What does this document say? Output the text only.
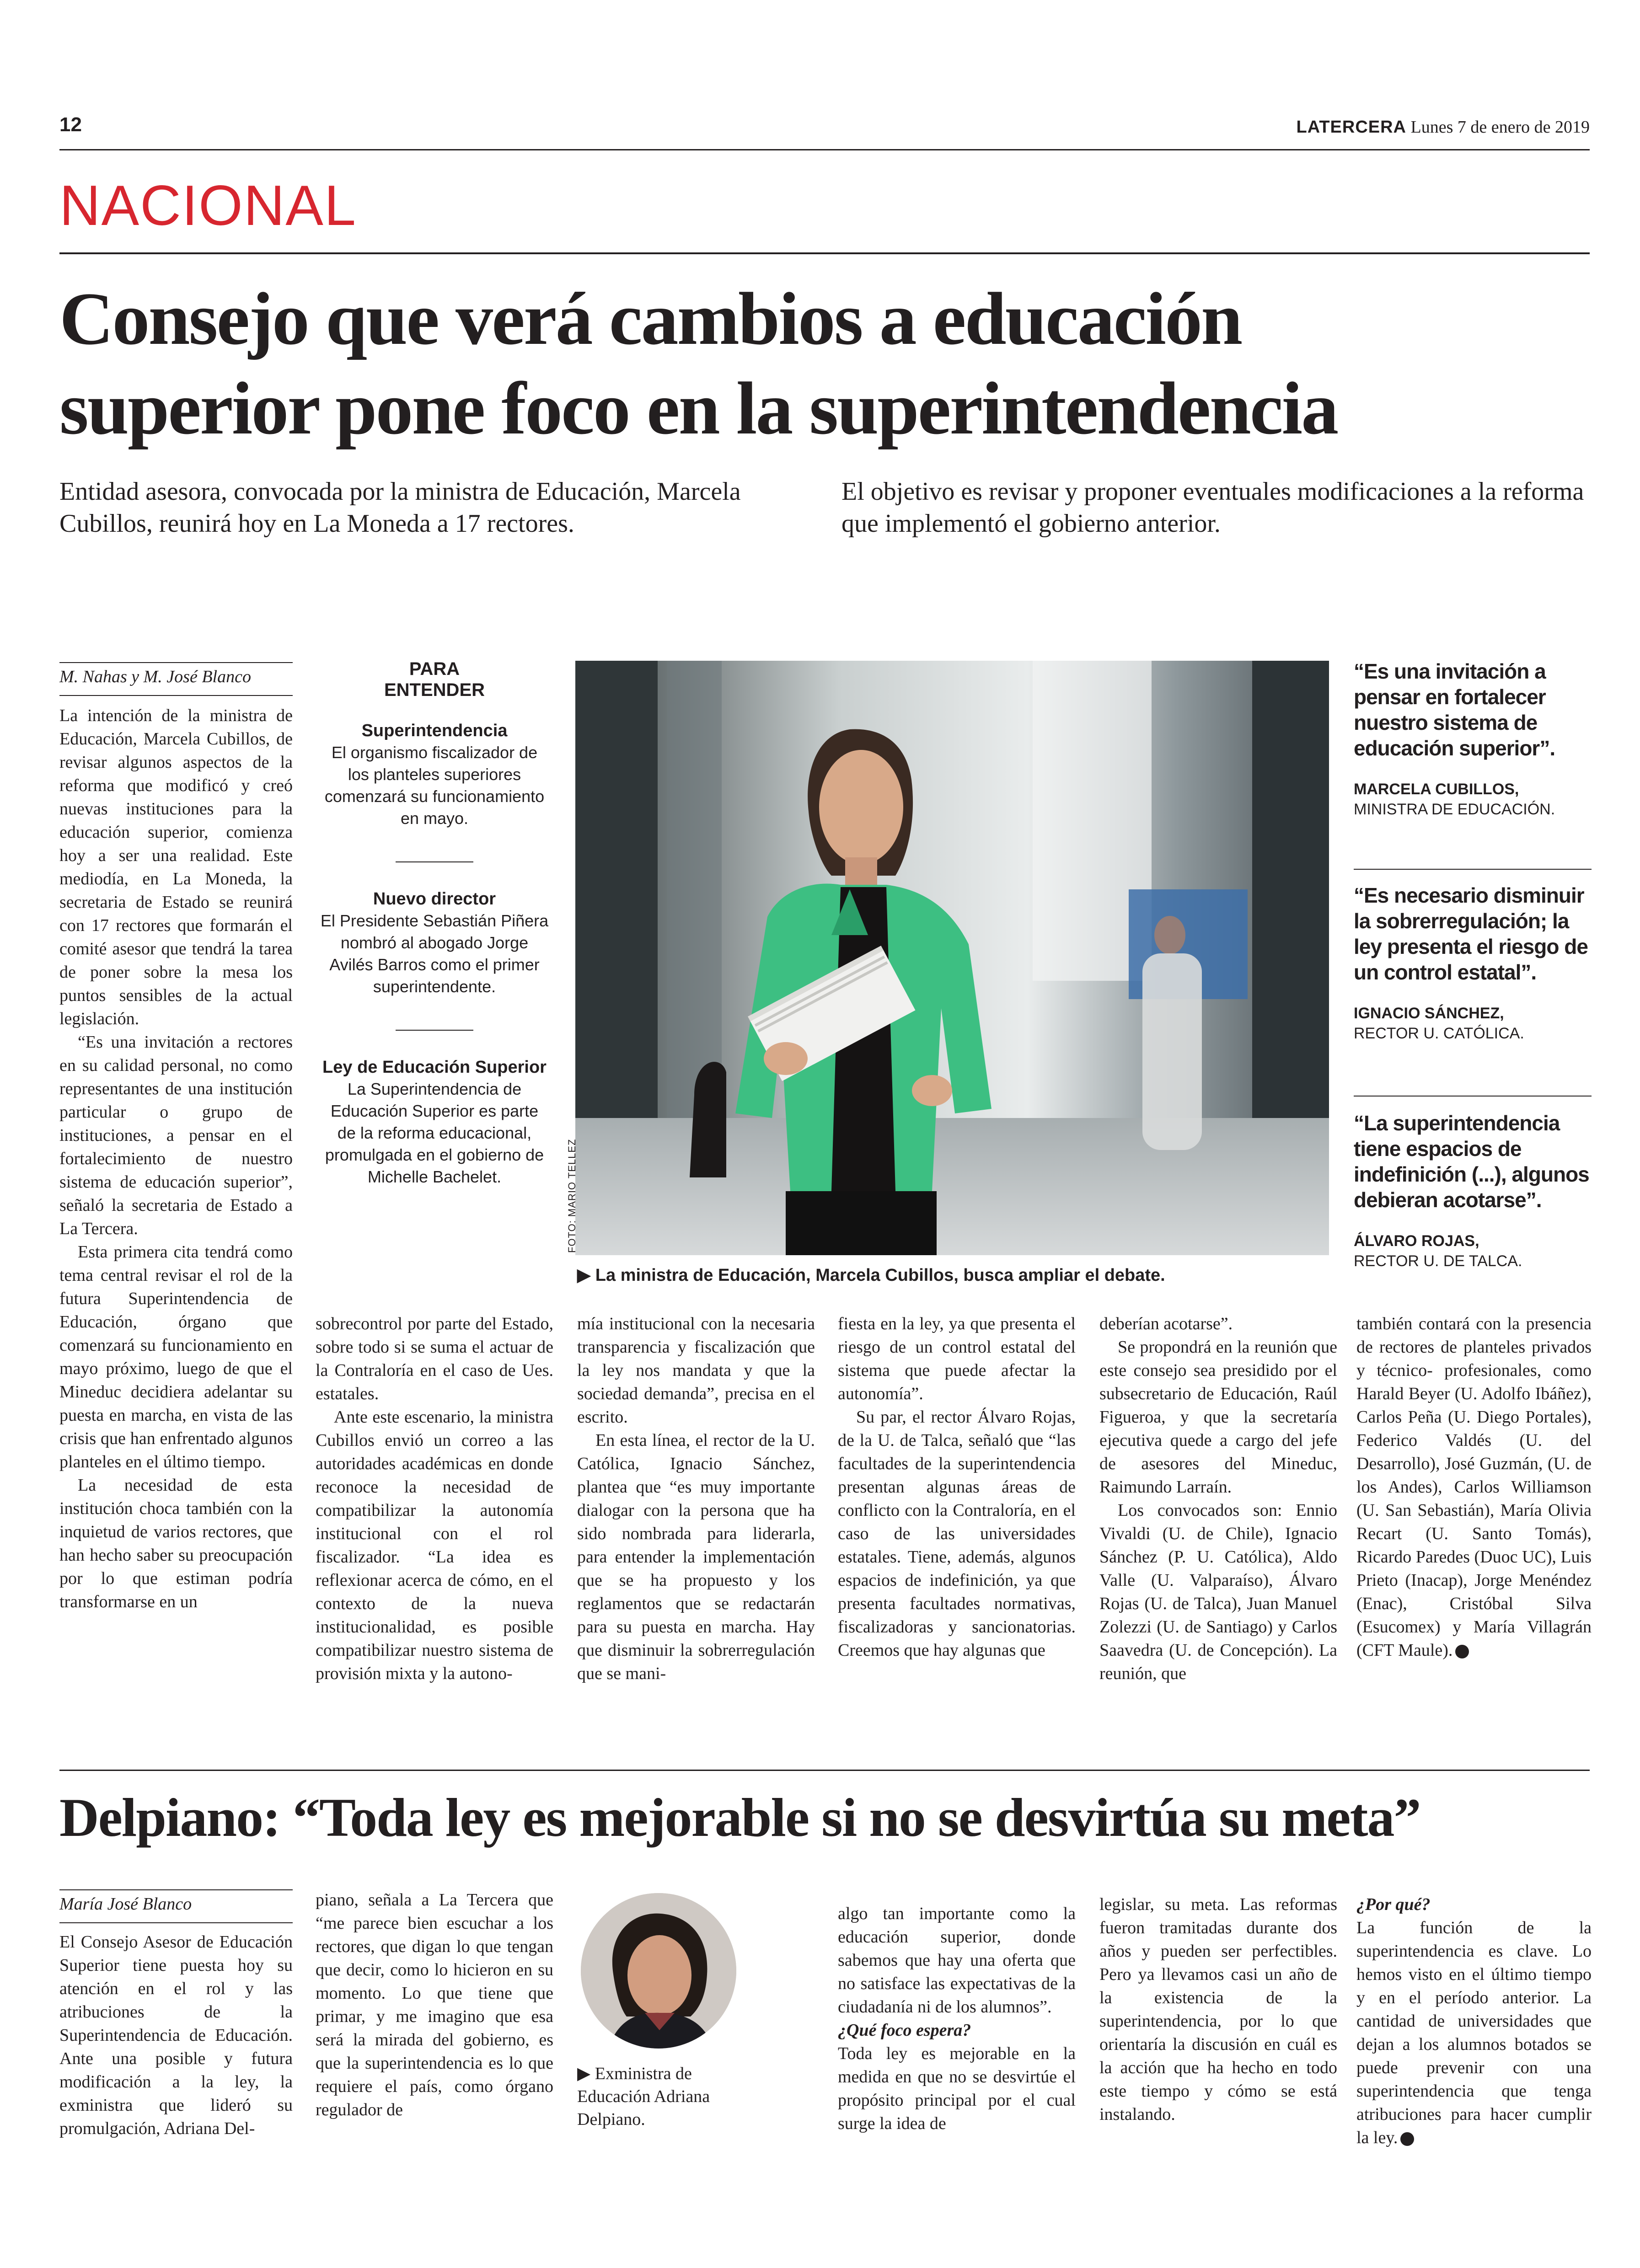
12	LATERCERA Lunes 7 de enero de 2019
NACIONAL
Consejo que verá cambios a educación
superior pone foco en la superintendencia
Entidad asesora, convocada por la ministra de Educación, Marcela Cubillos, reunirá hoy en La Moneda a 17 rectores.
El objetivo es revisar y proponer eventuales modificaciones a la reforma que implementó el gobierno anterior.
M. Nahas y M. José Blanco

La intención de la ministra de Educación, Marcela Cubillos, de revisar algunos aspectos de la reforma que modificó y creó nuevas instituciones para la educación superior, comienza hoy a ser una realidad. Este mediodía, en La Moneda, la secretaria de Estado se reunirá con 17 rectores que formarán el comité asesor que tendrá la tarea de poner sobre la mesa los puntos sensibles de la actual legislación.

“Es una invitación a rectores en su calidad personal, no como representantes de una institución particular o grupo de instituciones, a pensar en el fortalecimiento de nuestro sistema de educación superior”, señaló la secretaria de Estado a La Tercera.

Esta primera cita tendrá como tema central revisar el rol de la futura Superintendencia de Educación, órgano que comenzará su funcionamiento en mayo próximo, luego de que el Mineduc decidiera adelantar su puesta en marcha, en vista de las crisis que han enfrentado algunos planteles en el último tiempo.

La necesidad de esta institución choca también con la inquietud de varios rectores, que han hecho saber su preocupación por lo que estiman podría transformarse en un

PARA
ENTENDER
Superintendencia
El organismo fiscalizador de los planteles superiores comenzará su funcionamiento en mayo.
Nuevo director
El Presidente Sebastián Piñera nombró al abogado Jorge Avilés Barros como el primer superintendente.
Ley de Educación Superior
La Superintendencia de Educación Superior es parte de la reforma educacional, promulgada en el gobierno de Michelle Bachelet.	FOTO: MARIO TELLEZ
▶ La ministra de Educación, Marcela Cubillos, busca ampliar el debate.
“Es una invitación a pensar en fortalecer nuestro sistema de educación superior”.
MARCELA CUBILLOS,
MINISTRA DE EDUCACIÓN.
“Es necesario disminuir la sobrerregulación; la ley presenta el riesgo de un control estatal”.
IGNACIO SÁNCHEZ,
RECTOR U. CATÓLICA.
“La superintendencia tiene espacios de indefinición (...), algunos debieran acotarse”.
ÁLVARO ROJAS,
RECTOR U. DE TALCA.

sobrecontrol por parte del Estado, sobre todo si se suma el actuar de la Contraloría en el caso de Ues. estatales.

Ante este escenario, la ministra Cubillos envió un correo a las autoridades académicas en donde reconoce la necesidad de compatibilizar la autonomía institucional con el rol fiscalizador. “La idea es reflexionar acerca de cómo, en el contexto de la nueva institucionalidad, es posible compatibilizar nuestro sistema de provisión mixta y la autono-

mía institucional con la necesaria transparencia y fiscalización que la ley nos mandata y que la sociedad demanda”, precisa en el escrito.

En esta línea, el rector de la U. Católica, Ignacio Sánchez, plantea que “es muy importante dialogar con la persona que ha sido nombrada para liderarla, para entender la implementación que se ha propuesto y los reglamentos que se redactarán para su puesta en marcha. Hay que disminuir la sobrerregulación que se mani-

fiesta en la ley, ya que presenta el riesgo de un control estatal del sistema que puede afectar la autonomía”.

Su par, el rector Álvaro Rojas, de la U. de Talca, señaló que “las facultades de la superintendencia presentan algunas áreas de conflicto con la Contraloría, en el caso de las universidades estatales. Tiene, además, algunos espacios de indefinición, ya que presenta facultades normativas, fiscalizadoras y sancionatorias. Creemos que hay algunas que

deberían acotarse”.

Se propondrá en la reunión que este consejo sea presidido por el subsecretario de Educación, Raúl Figueroa, y que la secretaría ejecutiva quede a cargo del jefe de asesores del Mineduc, Raimundo Larraín.

Los convocados son: Ennio Vivaldi (U. de Chile), Ignacio Sánchez (P. U. Católica), Aldo Valle (U. Valparaíso), Álvaro Rojas (U. de Talca), Juan Manuel Zolezzi (U. de Santiago) y Carlos Saavedra (U. de Concepción). La reunión, que

también contará con la presencia de rectores de planteles privados y técnico- profesionales, como Harald Beyer (U. Adolfo Ibáñez), Carlos Peña (U. Diego Portales), Federico Valdés (U. del Desarrollo), José Guzmán, (U. de los Andes), Carlos Williamson (U. San Sebastián), María Olivia Recart (U. Santo Tomás), Ricardo Paredes (Duoc UC), Luis Prieto (Inacap), Jorge Menéndez (Enac), Cristóbal Silva (Esucomex) y María Villagrán (CFT Maule).

Delpiano: “Toda ley es mejorable si no se desvirtúa su meta”
María José Blanco

El Consejo Asesor de Educación Superior tiene puesta hoy su atención en el rol y las atribuciones de la Superintendencia de Educación. Ante una posible y futura modificación a la ley, la exministra que lideró su promulgación, Adriana Del-

piano, señala a La Tercera que “me parece bien escuchar a los rectores, que digan lo que tengan que decir, como lo hicieron en su momento. Lo que tiene que primar, y me imagino que esa será la mirada del gobierno, es que la superintendencia es lo que requiere el país, como órgano regulador de

▶ Exministra de Educación Adriana Delpiano.

algo tan importante como la educación superior, donde sabemos que hay una oferta que no satisface las expectativas de la ciudadanía ni de los alumnos”.

¿Qué foco espera?

Toda ley es mejorable en la medida en que no se desvirtúe el propósito principal por el cual surge la idea de

legislar, su meta. Las reformas fueron tramitadas durante dos años y pueden ser perfectibles. Pero ya llevamos casi un año de la existencia de la superintendencia, por lo que orientaría la discusión en cuál es la acción que ha hecho en todo este tiempo y cómo se está instalando.

¿Por qué?

La función de la superintendencia es clave. Lo hemos visto en el último tiempo y en el período anterior. La cantidad de universidades que dejan a los alumnos botados se puede prevenir con una superintendencia que tenga atribuciones para hacer cumplir la ley.
